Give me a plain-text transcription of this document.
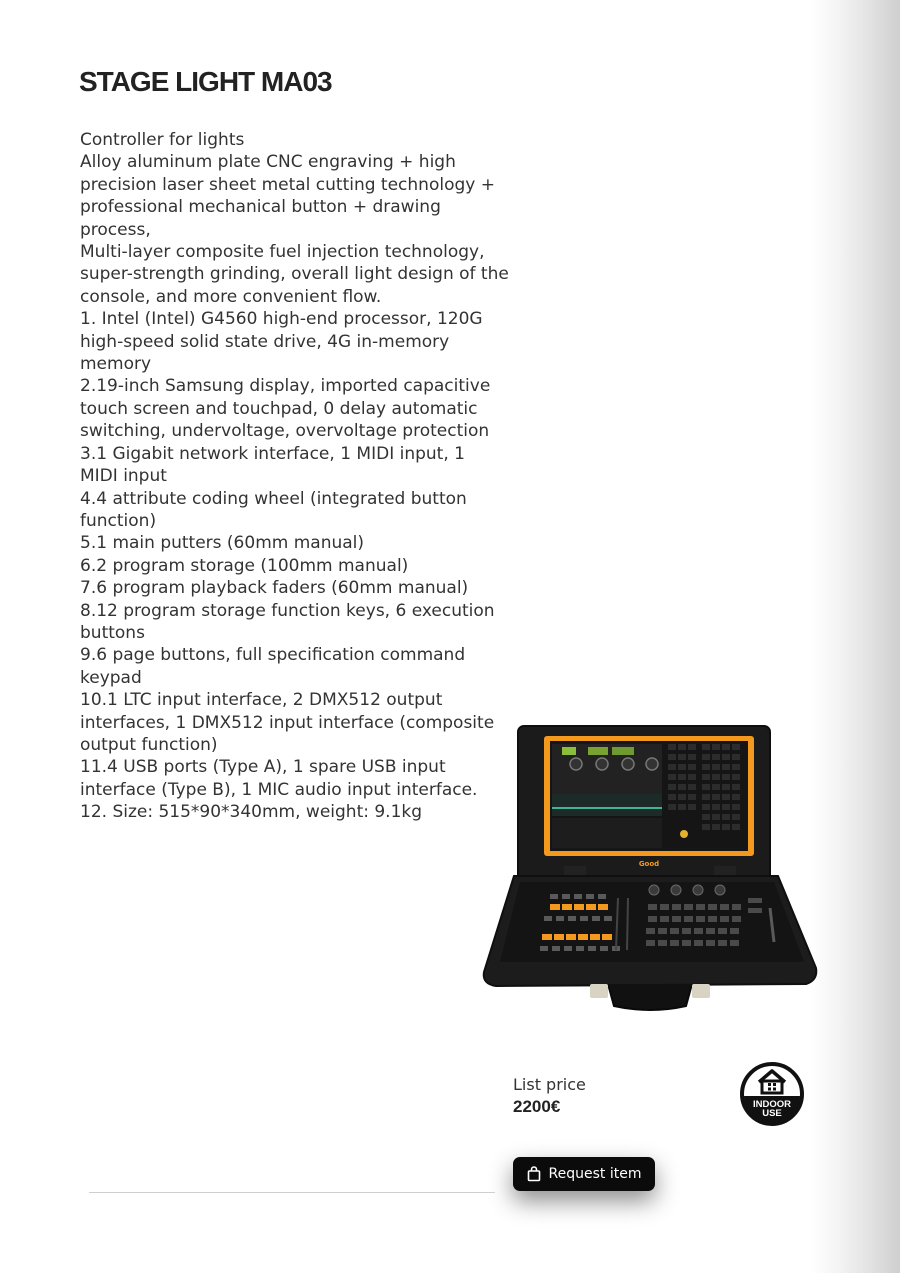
STAGE LIGHT MA03
Controller for lights
Alloy aluminum plate CNC engraving + high
precision laser sheet metal cutting technology +
professional mechanical button + drawing
process,
Multi-layer composite fuel injection technology,
super-strength grinding, overall light design of the
console, and more convenient flow.
1. Intel (Intel) G4560 high-end processor, 120G
high-speed solid state drive, 4G in-memory
memory
2.19-inch Samsung display, imported capacitive
touch screen and touchpad, 0 delay automatic
switching, undervoltage, overvoltage protection
3.1 Gigabit network interface, 1 MIDI input, 1
MIDI input
4.4 attribute coding wheel (integrated button
function)
5.1 main putters (60mm manual)
6.2 program storage (100mm manual)
7.6 program playback faders (60mm manual)
8.12 program storage function keys, 6 execution
buttons
9.6 page buttons, full specification command
keypad
10.1 LTC input interface, 2 DMX512 output
interfaces, 1 DMX512 input interface (composite
output function)
11.4 USB ports (Type A), 1 spare USB input
interface (Type B), 1 MIC audio input interface.
12. Size: 515*90*340mm, weight: 9.1kg
Good
List price
2200€	INDOOR
USE
Request item
